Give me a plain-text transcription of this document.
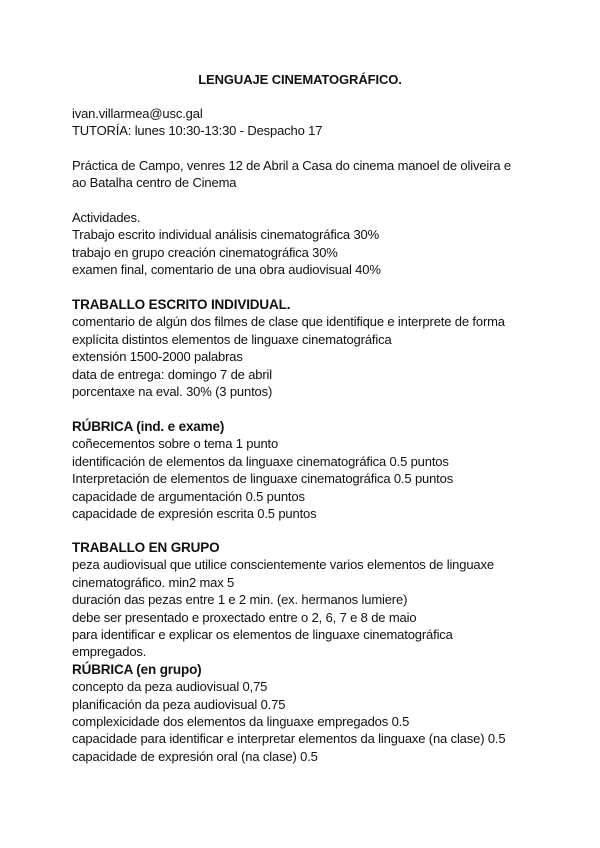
LENGUAJE CINEMATOGRÁFICO.
ivan.villarmea@usc.gal
TUTORÍA: lunes 10:30-13:30 - Despacho 17
Práctica de Campo, venres 12 de Abril a Casa do cinema manoel de oliveira e
ao Batalha centro de Cinema
Actividades.
Trabajo escrito individual análisis cinematográfica 30%
trabajo en grupo creación cinematográfica 30%
examen final, comentario de una obra audiovisual 40%
TRABALLO ESCRITO INDIVIDUAL.
comentario de algún dos filmes de clase que identifique e interprete de forma
explícita distintos elementos de linguaxe cinematográfica
extensión 1500-2000 palabras
data de entrega: domingo 7 de abril
porcentaxe na eval. 30% (3 puntos)
RÚBRICA (ind. e exame)
coñecementos sobre o tema 1 punto
identificación de elementos da linguaxe cinematográfica 0.5 puntos
Interpretación de elementos de linguaxe cinematográfica 0.5 puntos
capacidade de argumentación 0.5 puntos
capacidade de expresión escrita 0.5 puntos
TRABALLO EN GRUPO
peza audiovisual que utilice conscientemente varios elementos de linguaxe
cinematográfico. min2 max 5
duración das pezas entre 1 e 2 min. (ex. hermanos lumiere)
debe ser presentado e proxectado entre o 2, 6, 7 e 8 de maio
para identificar e explicar os elementos de linguaxe cinematográfica
empregados.
RÚBRICA (en grupo)
concepto da peza audiovisual 0,75
planificación da peza audiovisual 0.75
complexicidade dos elementos da linguaxe empregados 0.5
capacidade para identificar e interpretar elementos da linguaxe (na clase) 0.5
capacidade de expresión oral (na clase) 0.5
